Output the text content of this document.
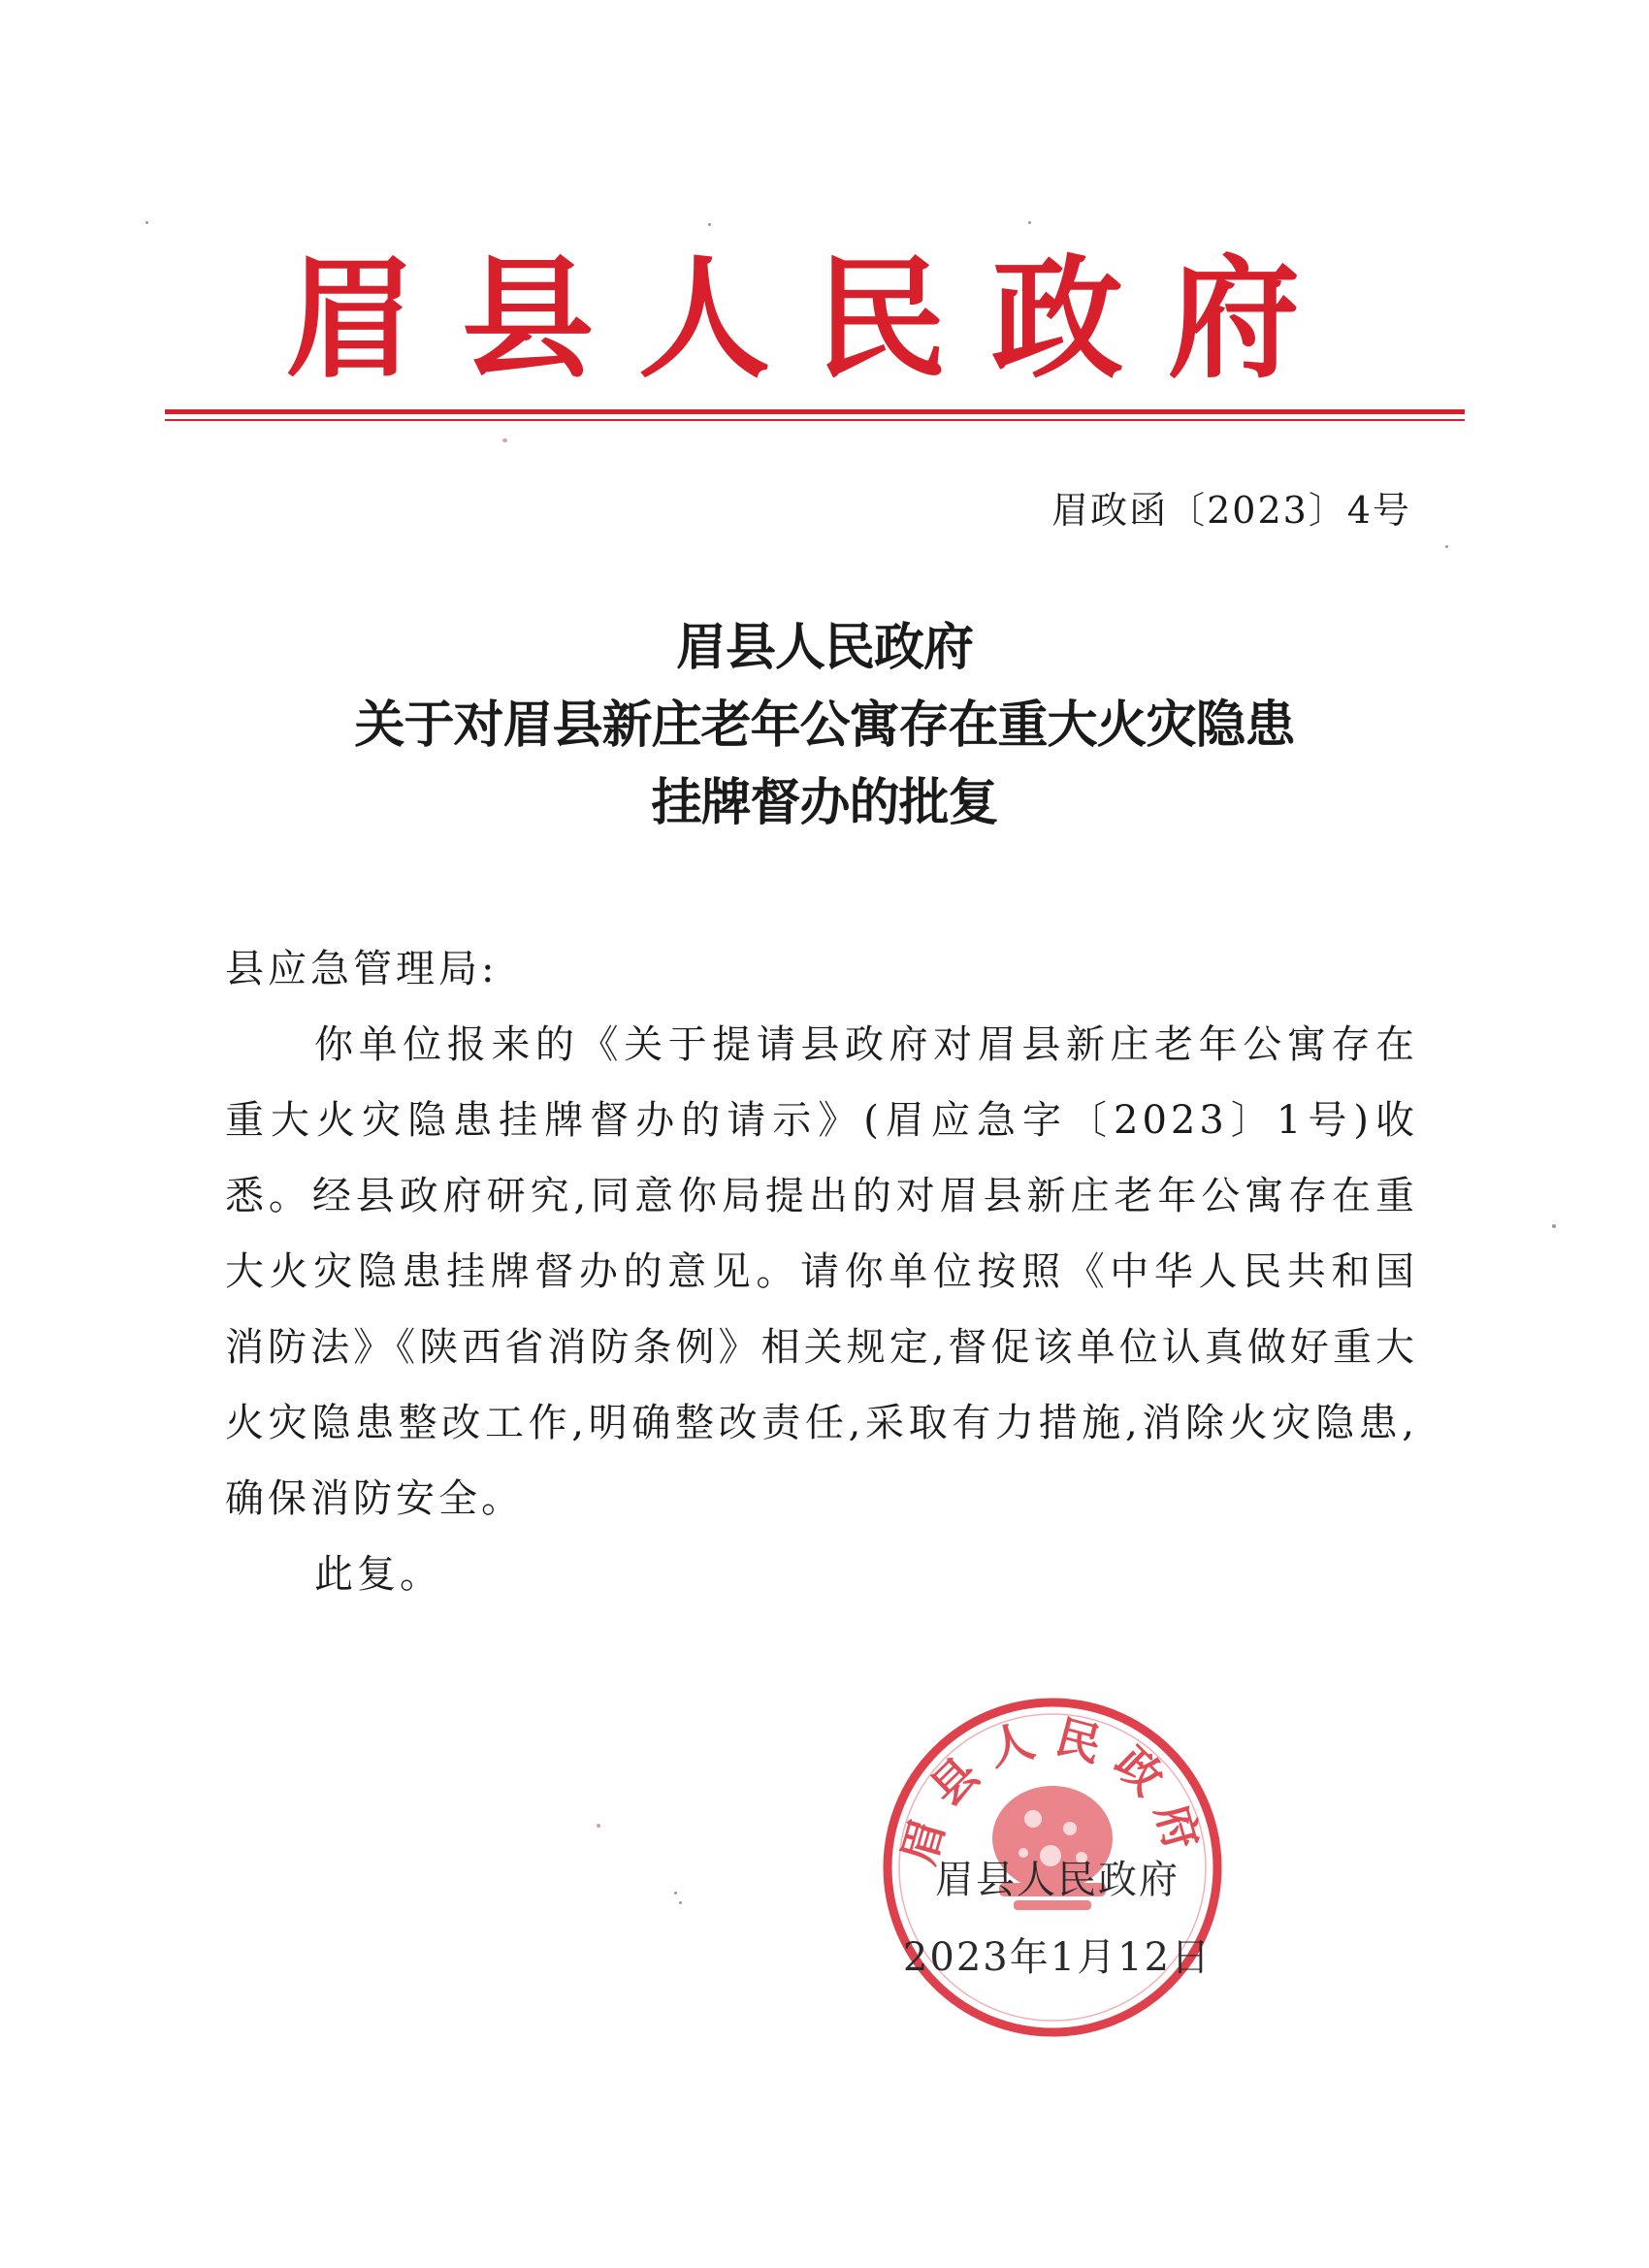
眉县人民政府
眉政函〔2023〕4号
眉县人民政府
关于对眉县新庄老年公寓存在重大火灾隐患
挂牌督办的批复

县应急管理局:

你单位报来的《关于提请县政府对眉县新庄老年公寓存在重大火灾隐患挂牌督办的请示》(眉应急字〔2023〕1号)收悉。经县政府研究,同意你局提出的对眉县新庄老年公寓存在重大火灾隐患挂牌督办的意见。请你单位按照《中华人民共和国消防法》《陕西省消防条例》相关规定,督促该单位认真做好重大火灾隐患整改工作,明确整改责任,采取有力措施,消除火灾隐患,确保消防安全。

此复。

眉县人民政府
眉县人民政府
2023年1月12日
